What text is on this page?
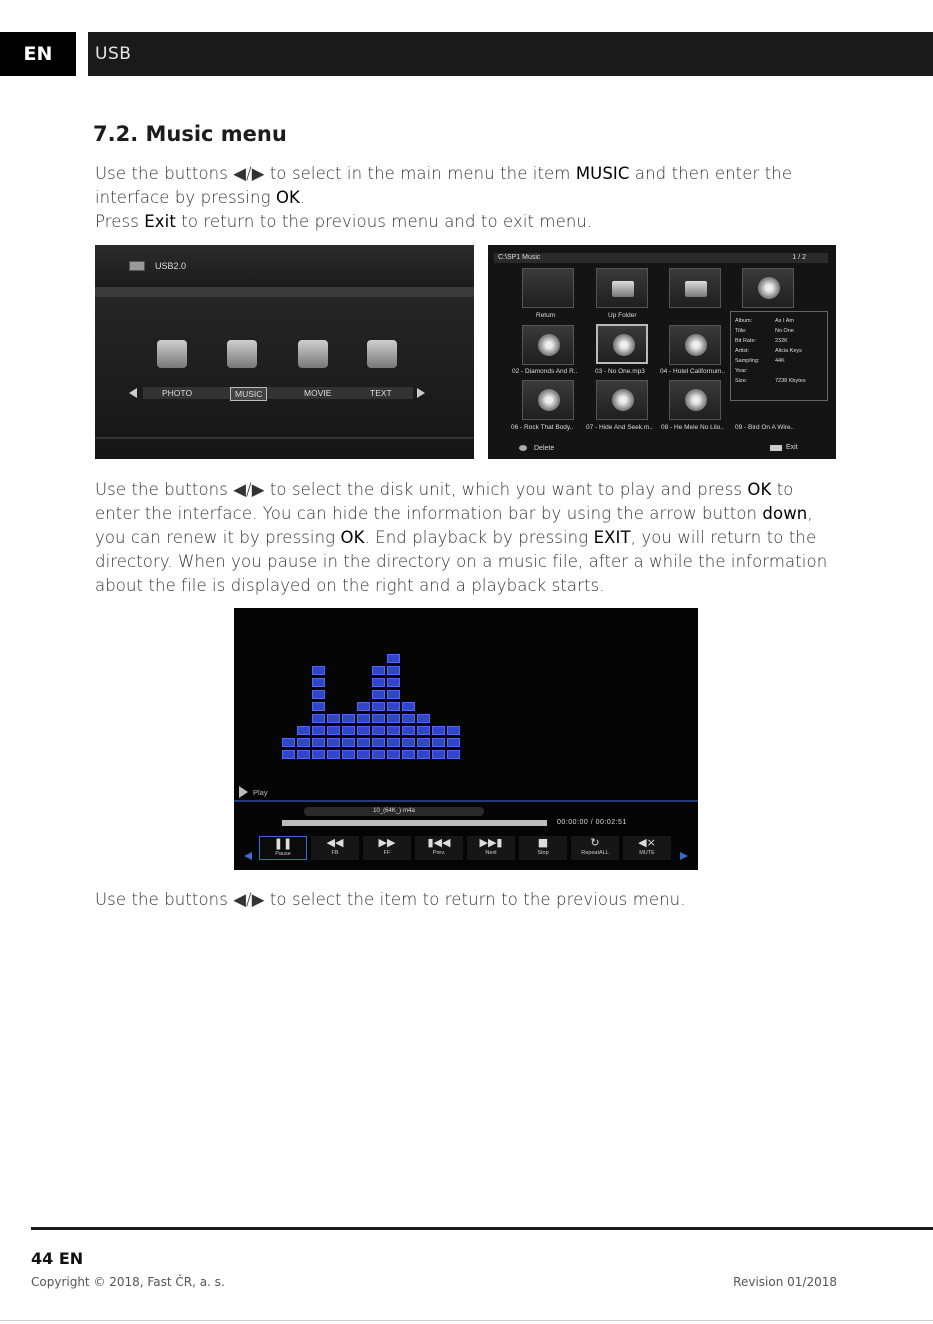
EN	USB
7.2. Music menu
Use the buttons ◀/▶ to select in the main menu the item MUSIC and then enter the
interface by pressing OK.
Press Exit to return to the previous menu and to exit menu.
USB2.0
PHOTO	MUSIC	MOVIE	TEXT
C:\SP1 Music	1 / 2
Return	Up Folder
02 - Diamonds And R..	03 - No One.mp3 04 - Hotel Californum..
06 - Rock That Body.. 07 - Hide And Seek.m.. 08 - He Mele No Lilo.. 09 - Bird On A Wire..
Album:	As I Am
Title:	No One
Bit Rate:	232K
Artist:	Alicia Keys
Sampling:	44K
Year:
Size:	7238 Kbytes
Delete	Exit
Use the buttons ◀/▶ to select the disk unit, which you want to play and press OK to
enter the interface. You can hide the information bar by using the arrow button down,
you can renew it by pressing OK. End playback by pressing EXIT, you will return to the
directory. When you pause in the directory on a music file, after a while the information
about the file is displayed on the right and a playback starts.
Play
10_(64K_)·m4a
00:00:00 / 00:02:51
❚❚
Pause
◀◀
FB
▶▶
FF
▮◀◀
Prev.
▶▶▮
Next
■
Stop
↻
RepeatALL
◀×
MUTE
Use the buttons ◀/▶ to select the item to return to the previous menu.
44 EN
Copyright © 2018, Fast ČR, a. s.	Revision 01/2018
